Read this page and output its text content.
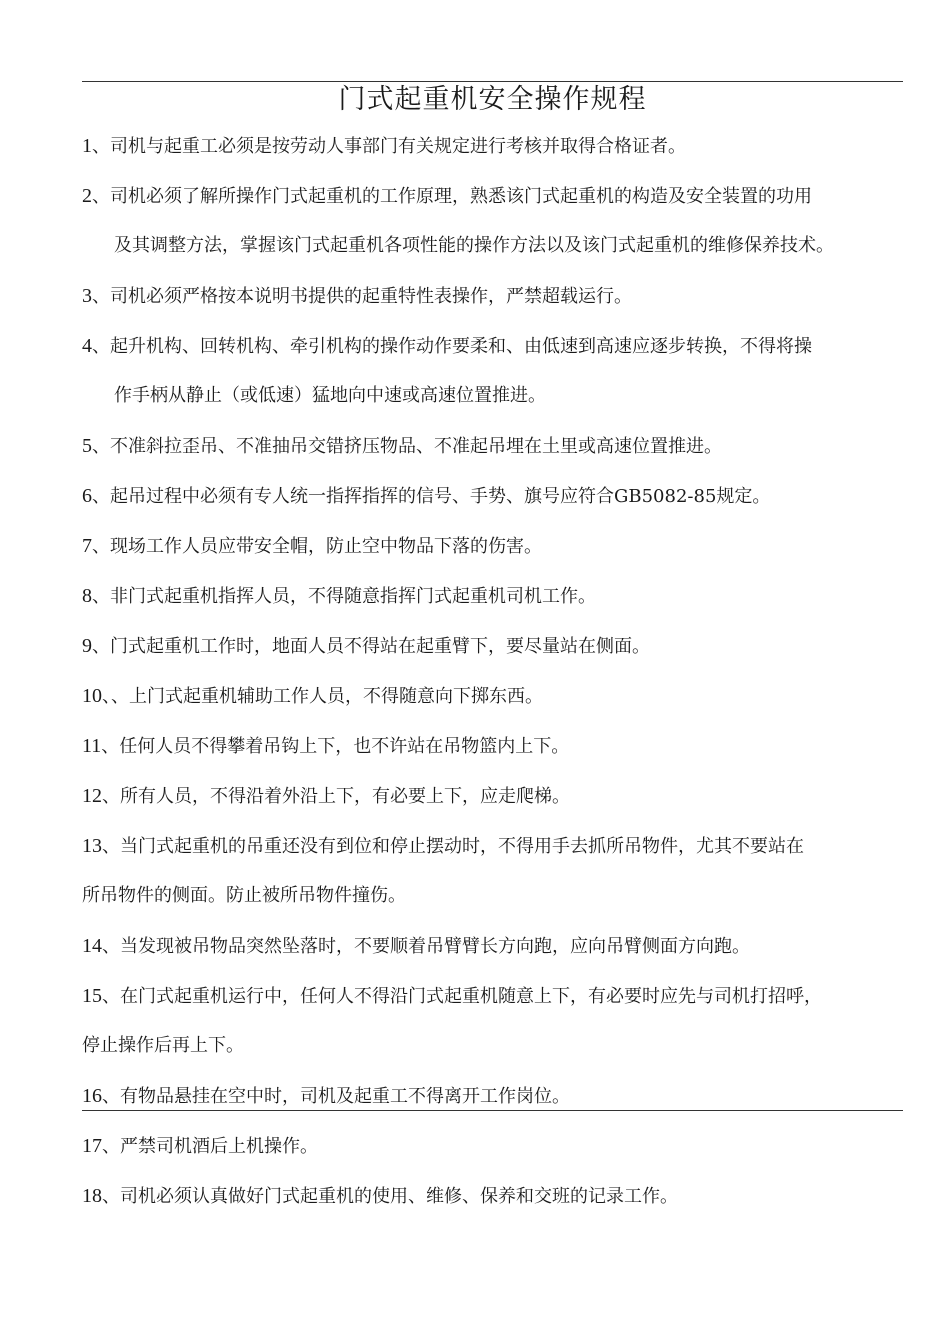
门式起重机安全操作规程

1、司机与起重工必须是按劳动人事部门有关规定进行考核并取得合格证者。

2、司机必须了解所操作门式起重机的工作原理，熟悉该门式起重机的构造及安全装置的功用
及其调整方法，掌握该门式起重机各项性能的操作方法以及该门式起重机的维修保养技术。

3、司机必须严格按本说明书提供的起重特性表操作，严禁超载运行。

4、起升机构、回转机构、牵引机构的操作动作要柔和、由低速到高速应逐步转换，不得将操
作手柄从静止（或低速）猛地向中速或高速位置推进。

5、不准斜拉歪吊、不准抽吊交错挤压物品、不准起吊埋在土里或高速位置推进。

6、起吊过程中必须有专人统一指挥指挥的信号、手势、旗号应符合GB5082-85规定。

7、现场工作人员应带安全帽，防止空中物品下落的伤害。

8、非门式起重机指挥人员，不得随意指挥门式起重机司机工作。

9、门式起重机工作时，地面人员不得站在起重臂下，要尽量站在侧面。

10、、上门式起重机辅助工作人员，不得随意向下掷东西。

11、任何人员不得攀着吊钩上下，也不许站在吊物篮内上下。

12、所有人员，不得沿着外沿上下，有必要上下，应走爬梯。

13、当门式起重机的吊重还没有到位和停止摆动时，不得用手去抓所吊物件，尤其不要站在
所吊物件的侧面。防止被所吊物件撞伤。

14、当发现被吊物品突然坠落时，不要顺着吊臂臂长方向跑，应向吊臂侧面方向跑。

15、在门式起重机运行中，任何人不得沿门式起重机随意上下，有必要时应先与司机打招呼，
停止操作后再上下。

16、有物品悬挂在空中时，司机及起重工不得离开工作岗位。

17、严禁司机酒后上机操作。

18、司机必须认真做好门式起重机的使用、维修、保养和交班的记录工作。
